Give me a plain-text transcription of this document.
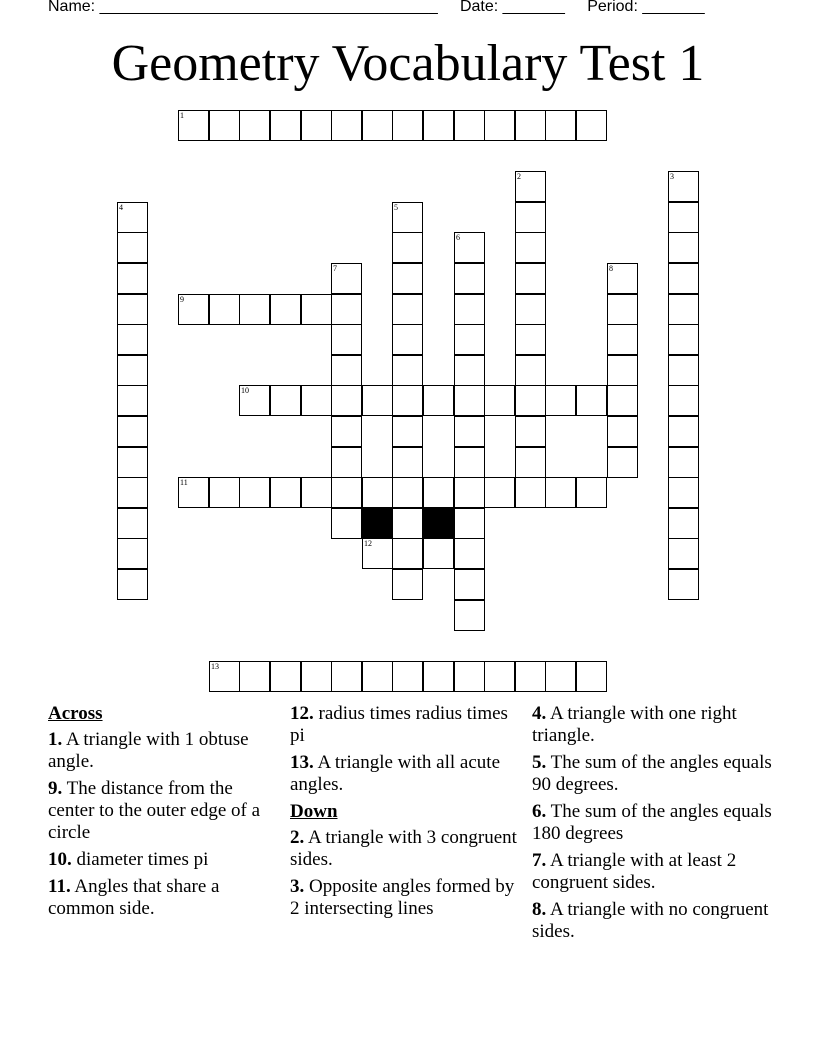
Name: ______________________________________ Date: _______ Period: _______
Geometry Vocabulary Test 1
1
9
10
11
12
13
2	3
4	5
6
7	8
Across
1. A triangle with 1 obtuse angle.
9. The distance from the center to the outer edge of a circle
10. diameter times pi
11. Angles that share a common side.
12. radius times radius times pi
13. A triangle with all acute angles.
Down
2. A triangle with 3 congruent sides.
3. Opposite angles formed by 2 intersecting lines
4. A triangle with one right triangle.
5. The sum of the angles equals 90 degrees.
6. The sum of the angles equals 180 degrees
7. A triangle with at least 2 congruent sides.
8. A triangle with no congruent sides.
